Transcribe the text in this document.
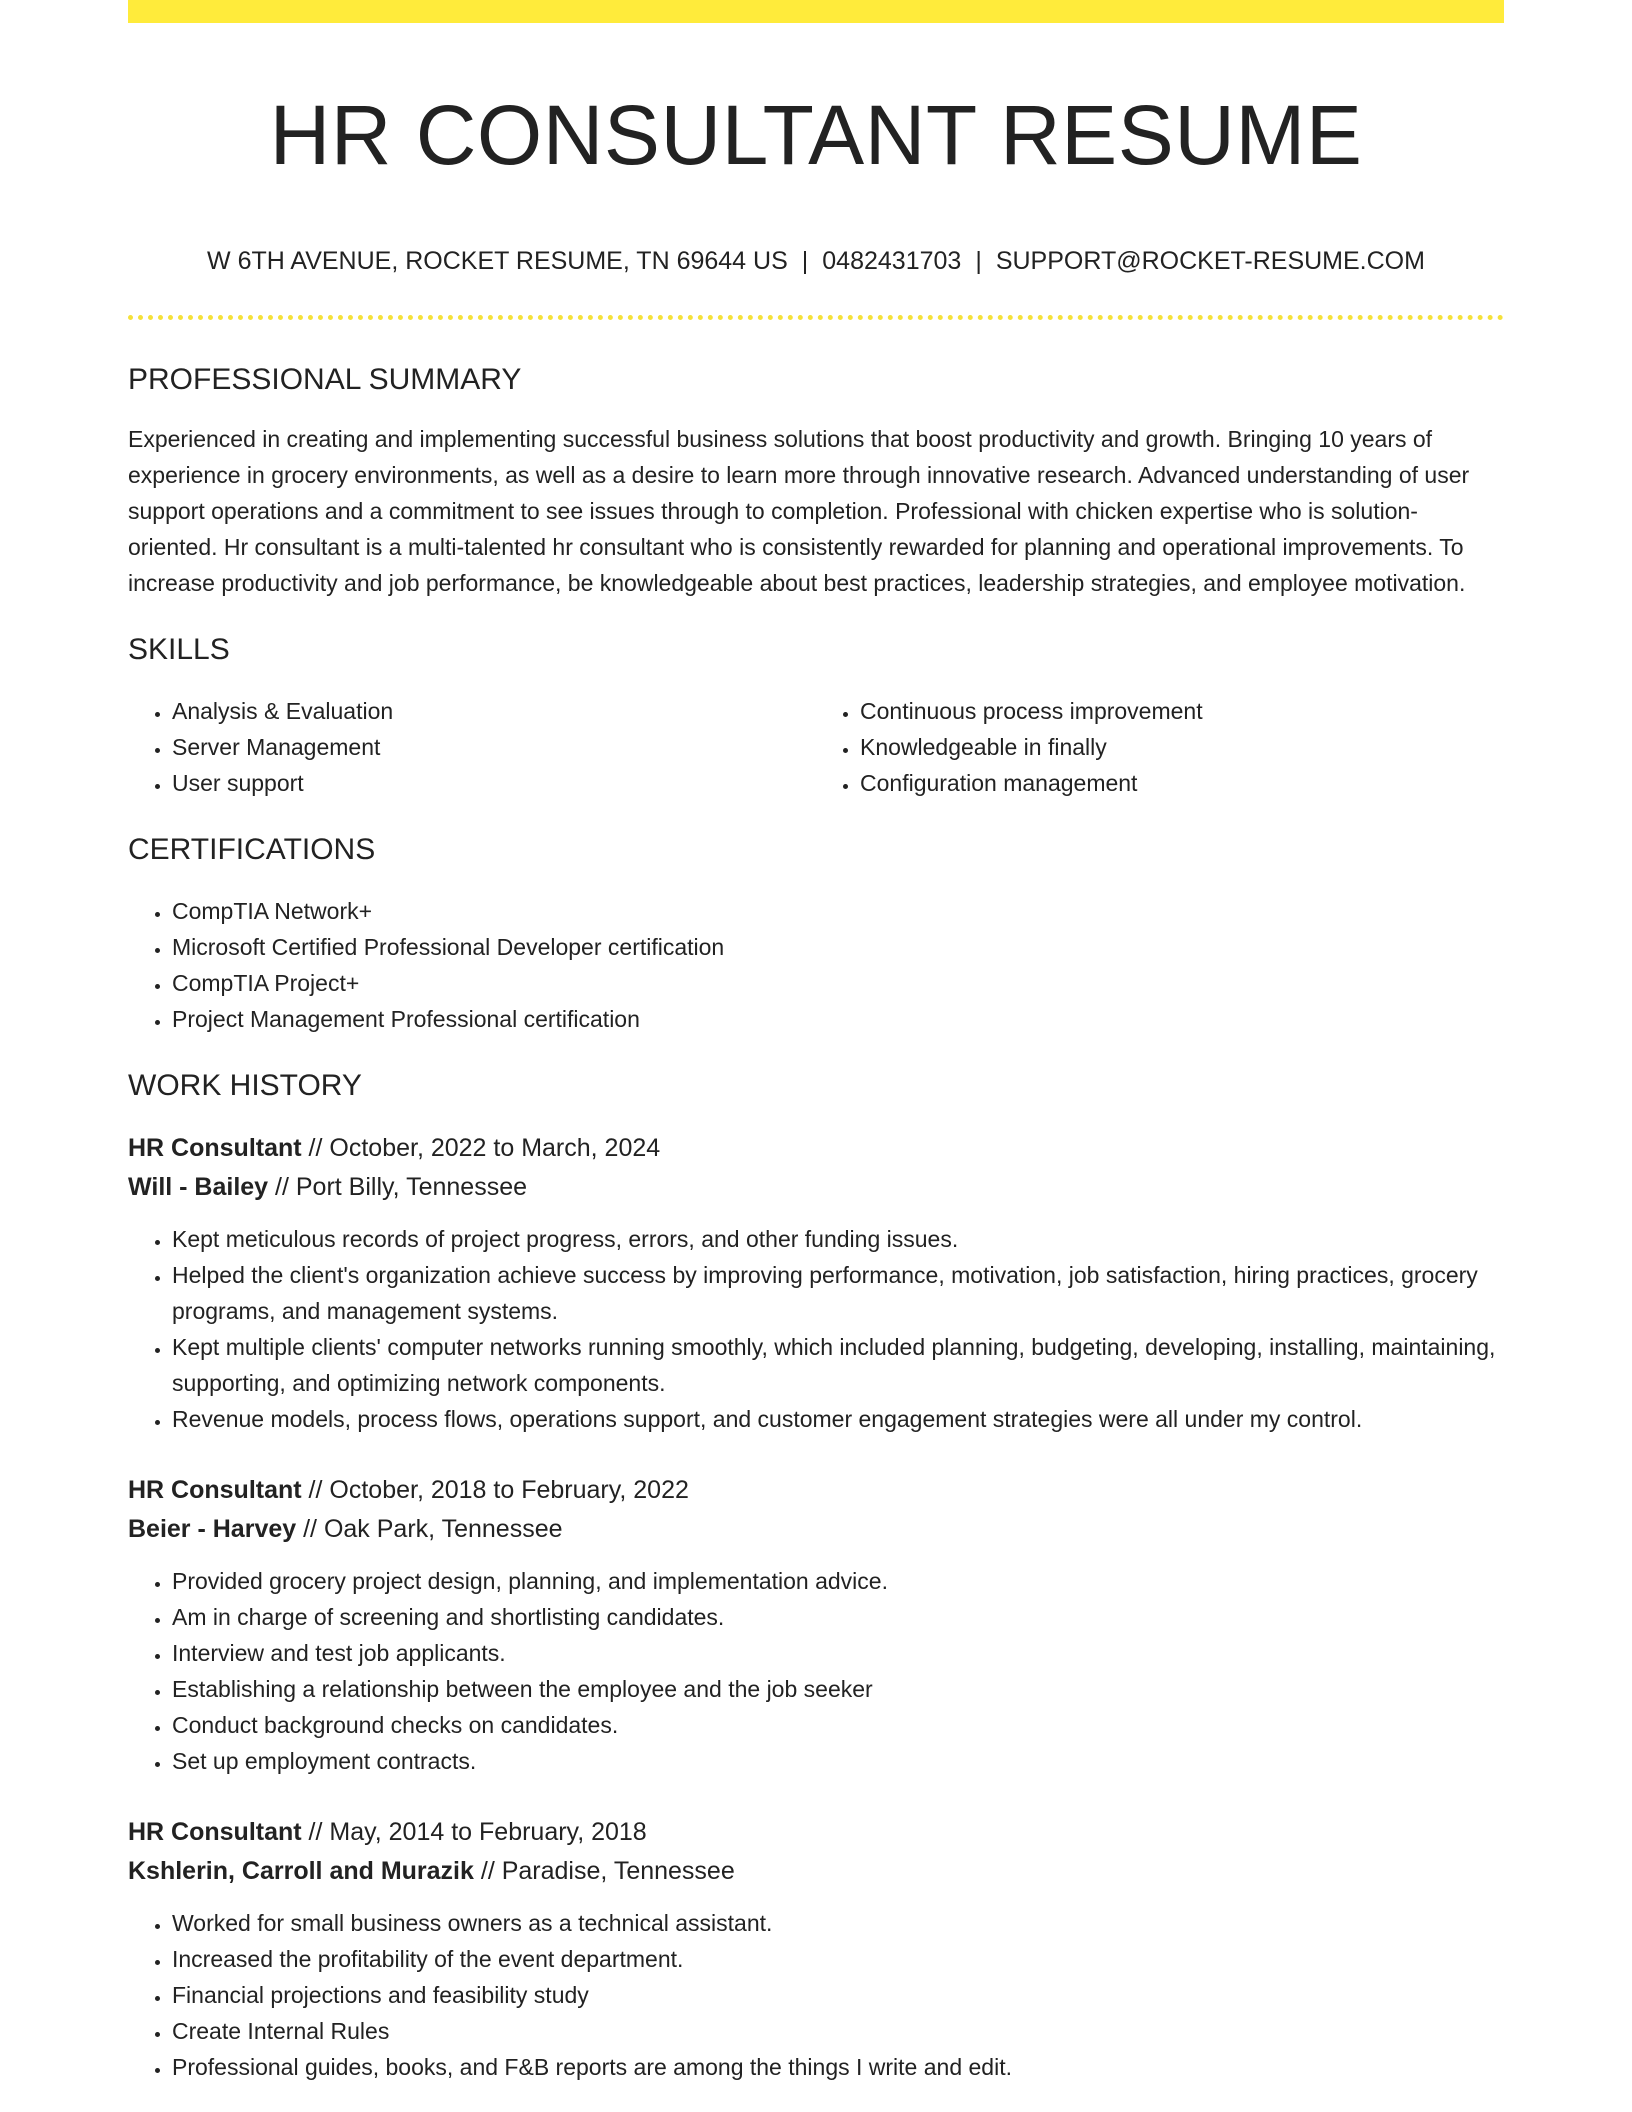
HR CONSULTANT RESUME
W 6TH AVENUE, ROCKET RESUME, TN 69644 US | 0482431703 | SUPPORT@ROCKET-RESUME.COM
PROFESSIONAL SUMMARY

Experienced in creating and implementing successful business solutions that boost productivity and growth. Bringing 10 years of experience in grocery environments, as well as a desire to learn more through innovative research. Advanced understanding of user support operations and a commitment to see issues through to completion. Professional with chicken expertise who is solution-oriented. Hr consultant is a multi-talented hr consultant who is consistently rewarded for planning and operational improvements. To increase productivity and job performance, be knowledgeable about best practices, leadership strategies, and employee motivation.

SKILLS
• Analysis & Evaluation
• Server Management
• User support
• Continuous process improvement
• Knowledgeable in finally
• Configuration management
CERTIFICATIONS
• CompTIA Network+
• Microsoft Certified Professional Developer certification
• CompTIA Project+
• Project Management Professional certification
WORK HISTORY
HR Consultant // October, 2022 to March, 2024
Will - Bailey // Port Billy, Tennessee
• Kept meticulous records of project progress, errors, and other funding issues.
• Helped the client's organization achieve success by improving performance, motivation, job satisfaction, hiring practices, grocery programs, and management systems.
• Kept multiple clients' computer networks running smoothly, which included planning, budgeting, developing, installing, maintaining, supporting, and optimizing network components.
• Revenue models, process flows, operations support, and customer engagement strategies were all under my control.
HR Consultant // October, 2018 to February, 2022
Beier - Harvey // Oak Park, Tennessee
• Provided grocery project design, planning, and implementation advice.
• Am in charge of screening and shortlisting candidates.
• Interview and test job applicants.
• Establishing a relationship between the employee and the job seeker
• Conduct background checks on candidates.
• Set up employment contracts.
HR Consultant // May, 2014 to February, 2018
Kshlerin, Carroll and Murazik // Paradise, Tennessee
• Worked for small business owners as a technical assistant.
• Increased the profitability of the event department.
• Financial projections and feasibility study
• Create Internal Rules
• Professional guides, books, and F&B reports are among the things I write and edit.
